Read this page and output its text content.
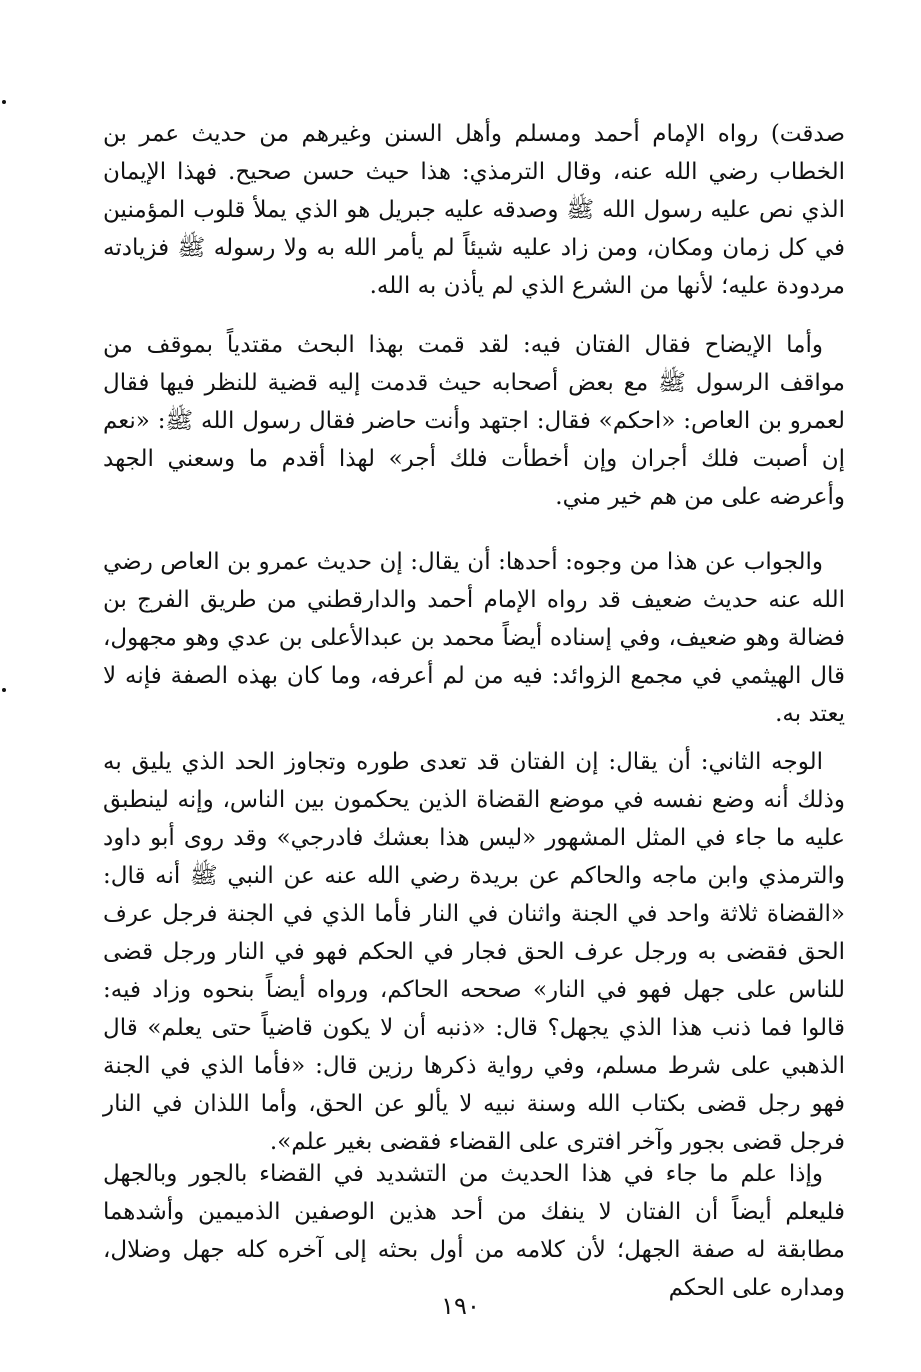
صدقت) رواه الإمام أحمد ومسلم وأهل السنن وغيرهم من حديث عمر بن الخطاب رضي الله عنه، وقال الترمذي: هذا حيث حسن صحيح. فهذا الإيمان الذي نص عليه رسول الله ﷺ وصدقه عليه جبريل هو الذي يملأ قلوب المؤمنين في كل زمان ومكان، ومن زاد عليه شيئاً لم يأمر الله به ولا رسوله ﷺ فزيادته مردودة عليه؛ لأنها من الشرع الذي لم يأذن به الله.

وأما الإيضاح فقال الفتان فيه: لقد قمت بهذا البحث مقتدياً بموقف من مواقف الرسول ﷺ مع بعض أصحابه حيث قدمت إليه قضية للنظر فيها فقال لعمرو بن العاص: «احكم» فقال: اجتهد وأنت حاضر فقال رسول الله ﷺ: «نعم إن أصبت فلك أجران وإن أخطأت فلك أجر» لهذا أقدم ما وسعني الجهد وأعرضه على من هم خير مني.

والجواب عن هذا من وجوه: أحدها: أن يقال: إن حديث عمرو بن العاص رضي الله عنه حديث ضعيف قد رواه الإمام أحمد والدارقطني من طريق الفرج بن فضالة وهو ضعيف، وفي إسناده أيضاً محمد بن عبدالأعلى بن عدي وهو مجهول، قال الهيثمي في مجمع الزوائد: فيه من لم أعرفه، وما كان بهذه الصفة فإنه لا يعتد به.

الوجه الثاني: أن يقال: إن الفتان قد تعدى طوره وتجاوز الحد الذي يليق به وذلك أنه وضع نفسه في موضع القضاة الذين يحكمون بين الناس، وإنه لينطبق عليه ما جاء في المثل المشهور «ليس هذا بعشك فادرجي» وقد روى أبو داود والترمذي وابن ماجه والحاكم عن بريدة رضي الله عنه عن النبي ﷺ أنه قال: «القضاة ثلاثة واحد في الجنة واثنان في النار فأما الذي في الجنة فرجل عرف الحق فقضى به ورجل عرف الحق فجار في الحكم فهو في النار ورجل قضى للناس على جهل فهو في النار» صححه الحاكم، ورواه أيضاً بنحوه وزاد فيه: قالوا فما ذنب هذا الذي يجهل؟ قال: «ذنبه أن لا يكون قاضياً حتى يعلم» قال الذهبي على شرط مسلم، وفي رواية ذكرها رزين قال: «فأما الذي في الجنة فهو رجل قضى بكتاب الله وسنة نبيه لا يألو عن الحق، وأما اللذان في النار فرجل قضى بجور وآخر افترى على القضاء فقضى بغير علم».

وإذا علم ما جاء في هذا الحديث من التشديد في القضاء بالجور وبالجهل فليعلم أيضاً أن الفتان لا ينفك من أحد هذين الوصفين الذميمين وأشدهما مطابقة له صفة الجهل؛ لأن كلامه من أول بحثه إلى آخره كله جهل وضلال، ومداره على الحكم

١٩٠
